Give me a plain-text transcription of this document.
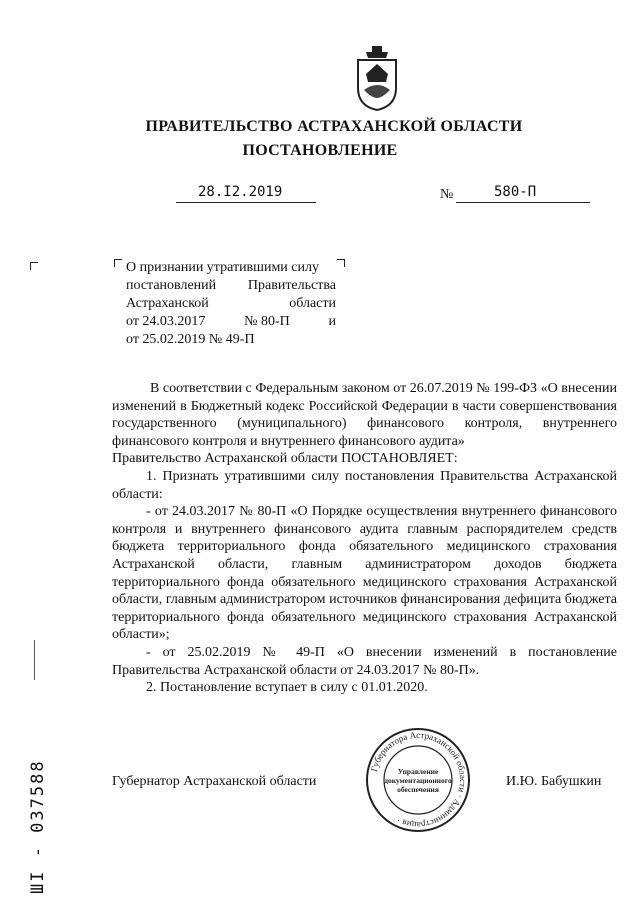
ПРАВИТЕЛЬСТВО АСТРАХАНСКОЙ ОБЛАСТИ
ПОСТАНОВЛЕНИЕ
28.I2.2019	№	580-П
О признании утратившими силу
постановлений Правительства
Астраханской	области
от 24.03.2017	№ 80-П	и
от 25.02.2019 № 49-П

В соответствии с Федеральным законом от 26.07.2019 № 199-ФЗ «О внесении изменений в Бюджетный кодекс Российской Федерации в части совершенствования государственного (муниципального) финансового контроля, внутреннего финансового контроля и внутреннего финансового аудита»

Правительство Астраханской области ПОСТАНОВЛЯЕТ:

1. Признать утратившими силу постановления Правительства Астраханской области:

- от 24.03.2017 № 80-П «О Порядке осуществления внутреннего финансового контроля и внутреннего финансового аудита главным распорядителем средств бюджета территориального фонда обязательного медицинского страхования Астраханской области, главным администратором доходов бюджета территориального фонда обязательного медицинского страхования Астраханской области, главным администратором источников финансирования дефицита бюджета территориального фонда обязательного медицинского страхования Астраханской области»;

- от 25.02.2019 № 49-П «О внесении изменений в постановление Правительства Астраханской области от 24.03.2017 № 80-П».

2. Постановление вступает в силу с 01.01.2020.

Губернатор Астраханской области	И.Ю. Бабушкин
Губернатора Астраханской области · Администрация ·
Управление
документационного
обеспечения
ШI - 037588
